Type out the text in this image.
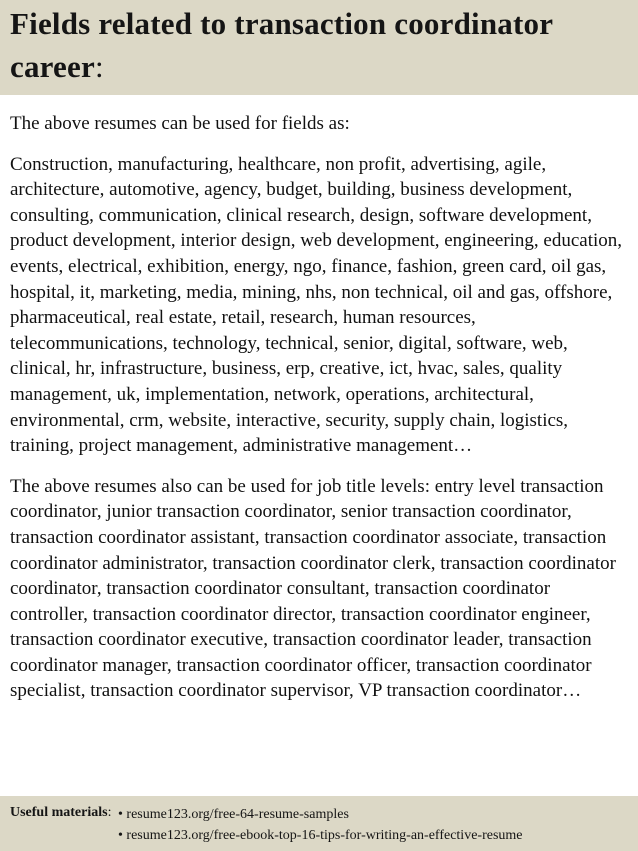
Fields related to transaction coordinator career:

The above resumes can be used for fields as:

Construction, manufacturing, healthcare, non profit, advertising, agile, architecture, automotive, agency, budget, building, business development, consulting, communication, clinical research, design, software development, product development, interior design, web development, engineering, education, events, electrical, exhibition, energy, ngo, finance, fashion, green card, oil gas, hospital, it, marketing, media, mining, nhs, non technical, oil and gas, offshore, pharmaceutical, real estate, retail, research, human resources, telecommunications, technology, technical, senior, digital, software, web, clinical, hr, infrastructure, business, erp, creative, ict, hvac, sales, quality management, uk, implementation, network, operations, architectural, environmental, crm, website, interactive, security, supply chain, logistics, training, project management, administrative management…

The above resumes also can be used for job title levels: entry level transaction coordinator, junior transaction coordinator, senior transaction coordinator, transaction coordinator assistant, transaction coordinator associate, transaction coordinator administrator, transaction coordinator clerk, transaction coordinator coordinator, transaction coordinator consultant, transaction coordinator controller, transaction coordinator director, transaction coordinator engineer, transaction coordinator executive, transaction coordinator leader, transaction coordinator manager, transaction coordinator officer, transaction coordinator specialist, transaction coordinator supervisor, VP transaction coordinator…

Useful materials: • resume123.org/free-64-resume-samples
• resume123.org/free-ebook-top-16-tips-for-writing-an-effective-resume
